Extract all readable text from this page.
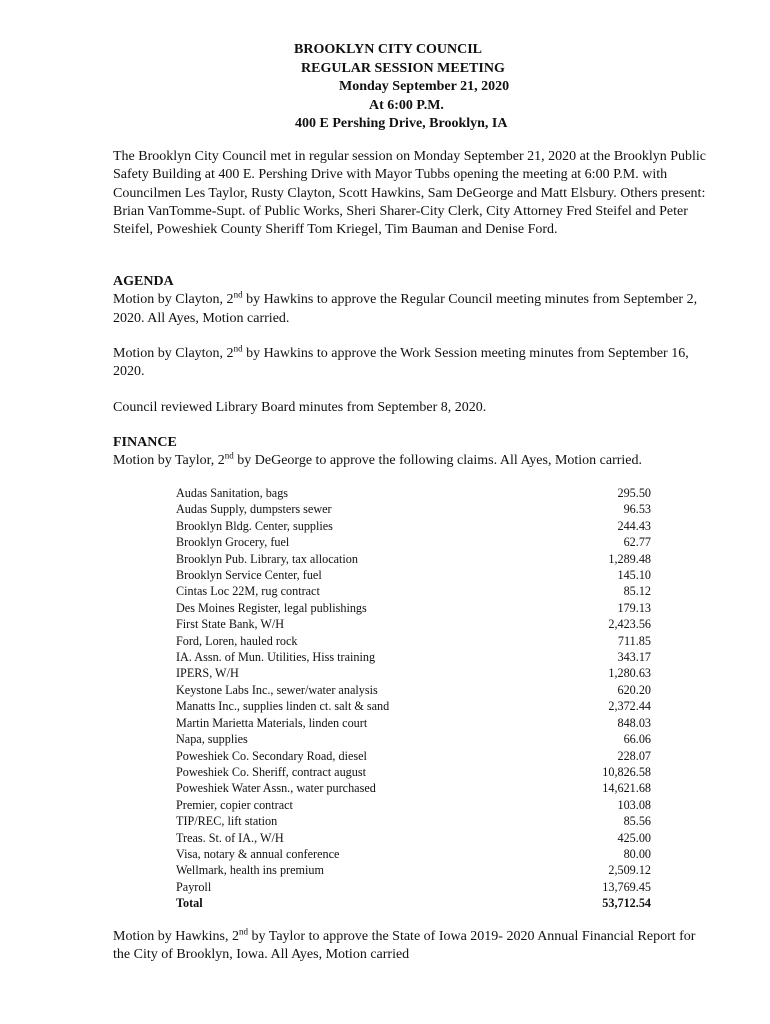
BROOKLYN CITY COUNCIL
REGULAR SESSION MEETING
Monday September 21, 2020
At 6:00 P.M.
400 E Pershing Drive, Brooklyn, IA

The Brooklyn City Council met in regular session on Monday September 21, 2020 at the Brooklyn Public Safety Building at 400 E. Pershing Drive with Mayor Tubbs opening the meeting at 6:00 P.M. with Councilmen Les Taylor, Rusty Clayton, Scott Hawkins, Sam DeGeorge and Matt Elsbury. Others present: Brian VanTomme-Supt. of Public Works, Sheri Sharer-City Clerk, City Attorney Fred Steifel and Peter Steifel, Poweshiek County Sheriff Tom Kriegel, Tim Bauman and Denise Ford.

AGENDA

Motion by Clayton, 2nd by Hawkins to approve the Regular Council meeting minutes from September 2, 2020. All Ayes, Motion carried.

Motion by Clayton, 2nd by Hawkins to approve the Work Session meeting minutes from September 16, 2020.

Council reviewed Library Board minutes from September 8, 2020.

FINANCE

Motion by Taylor, 2nd by DeGeorge to approve the following claims. All Ayes, Motion carried.

Audas Sanitation, bags	295.50
Audas Supply, dumpsters sewer	96.53
Brooklyn Bldg. Center, supplies	244.43
Brooklyn Grocery, fuel	62.77
Brooklyn Pub. Library, tax allocation	1,289.48
Brooklyn Service Center, fuel	145.10
Cintas Loc 22M, rug contract	85.12
Des Moines Register, legal publishings	179.13
First State Bank, W/H	2,423.56
Ford, Loren, hauled rock	711.85
IA. Assn. of Mun. Utilities, Hiss training	343.17
IPERS, W/H	1,280.63
Keystone Labs Inc., sewer/water analysis	620.20
Manatts Inc., supplies linden ct. salt & sand	2,372.44
Martin Marietta Materials, linden court	848.03
Napa, supplies	66.06
Poweshiek Co. Secondary Road, diesel	228.07
Poweshiek Co. Sheriff, contract august	10,826.58
Poweshiek Water Assn., water purchased	14,621.68
Premier, copier contract	103.08
TIP/REC, lift station	85.56
Treas. St. of IA., W/H	425.00
Visa, notary & annual conference	80.00
Wellmark, health ins premium	2,509.12
Payroll	13,769.45
Total	53,712.54

Motion by Hawkins, 2nd by Taylor to approve the State of Iowa 2019- 2020 Annual Financial Report for the City of Brooklyn, Iowa. All Ayes, Motion carried
